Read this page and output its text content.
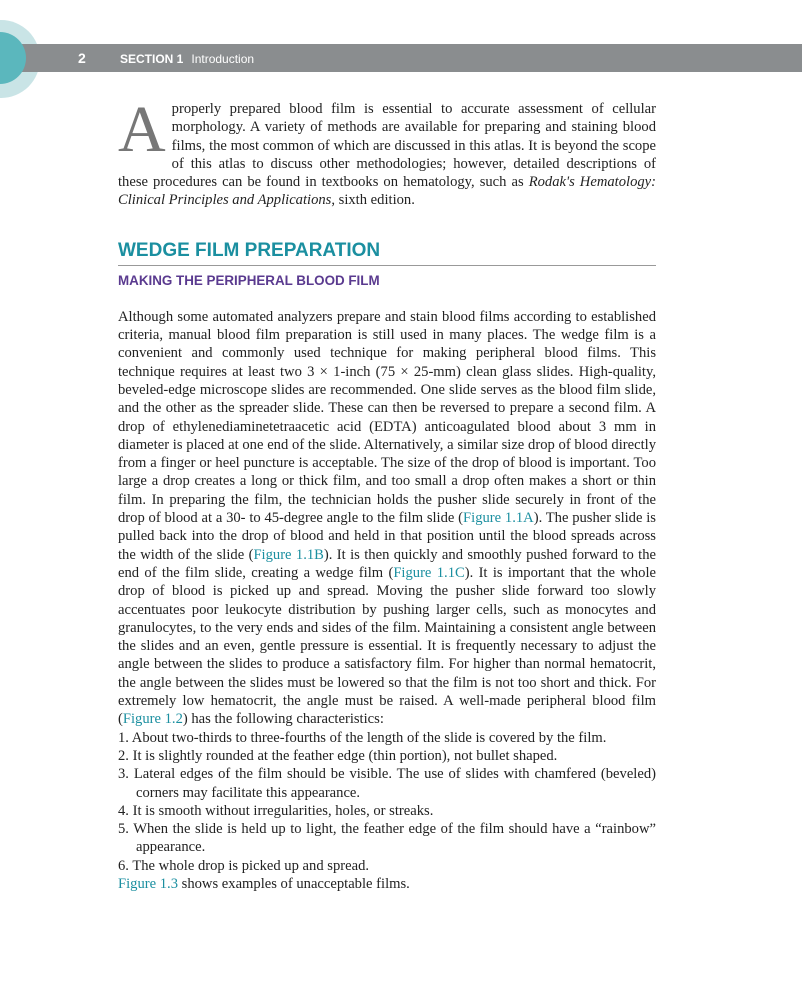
2	SECTION 1 Introduction

Aproperly prepared blood film is essential to accurate assessment of cellular morphology. A variety of methods are available for preparing and staining blood films, the most common of which are discussed in this atlas. It is beyond the scope of this atlas to discuss other methodologies; however, detailed descriptions of these procedures can be found in textbooks on hematology, such as Rodak's Hematology: Clinical Principles and Applications, sixth edition.

WEDGE FILM PREPARATION
MAKING THE PERIPHERAL BLOOD FILM

Although some automated analyzers prepare and stain blood films according to established criteria, manual blood film preparation is still used in many places. The wedge film is a convenient and commonly used technique for making peripheral blood films. This technique requires at least two 3 × 1-inch (75 × 25-mm) clean glass slides. High-quality, beveled-edge microscope slides are recommended. One slide serves as the blood film slide, and the other as the spreader slide. These can then be reversed to prepare a second film. A drop of ethylenediaminetetraacetic acid (EDTA) anticoagulated blood about 3 mm in diameter is placed at one end of the slide. Alternatively, a similar size drop of blood directly from a finger or heel puncture is acceptable. The size of the drop of blood is important. Too large a drop creates a long or thick film, and too small a drop often makes a short or thin film. In preparing the film, the technician holds the pusher slide securely in front of the drop of blood at a 30- to 45-degree angle to the film slide (Figure 1.1A). The pusher slide is pulled back into the drop of blood and held in that position until the blood spreads across the width of the slide (Figure 1.1B). It is then quickly and smoothly pushed forward to the end of the film slide, creating a wedge film (Figure 1.1C). It is important that the whole drop of blood is picked up and spread. Moving the pusher slide forward too slowly accentuates poor leukocyte distribution by pushing larger cells, such as monocytes and granulocytes, to the very ends and sides of the film. Maintaining a consistent angle between the slides and an even, gentle pressure is essential. It is frequently necessary to adjust the angle between the slides to produce a satisfactory film. For higher than normal hematocrit, the angle between the slides must be lowered so that the film is not too short and thick. For extremely low hematocrit, the angle must be raised. A well-made peripheral blood film (Figure 1.2) has the following characteristics:

1. About two-thirds to three-fourths of the length of the slide is covered by the film.
2. It is slightly rounded at the feather edge (thin portion), not bullet shaped.
3. Lateral edges of the film should be visible. The use of slides with chamfered (beveled) corners may facilitate this appearance.
4. It is smooth without irregularities, holes, or streaks.
5. When the slide is held up to light, the feather edge of the film should have a “rainbow” appearance.
6. The whole drop is picked up and spread.

Figure 1.3 shows examples of unacceptable films.
